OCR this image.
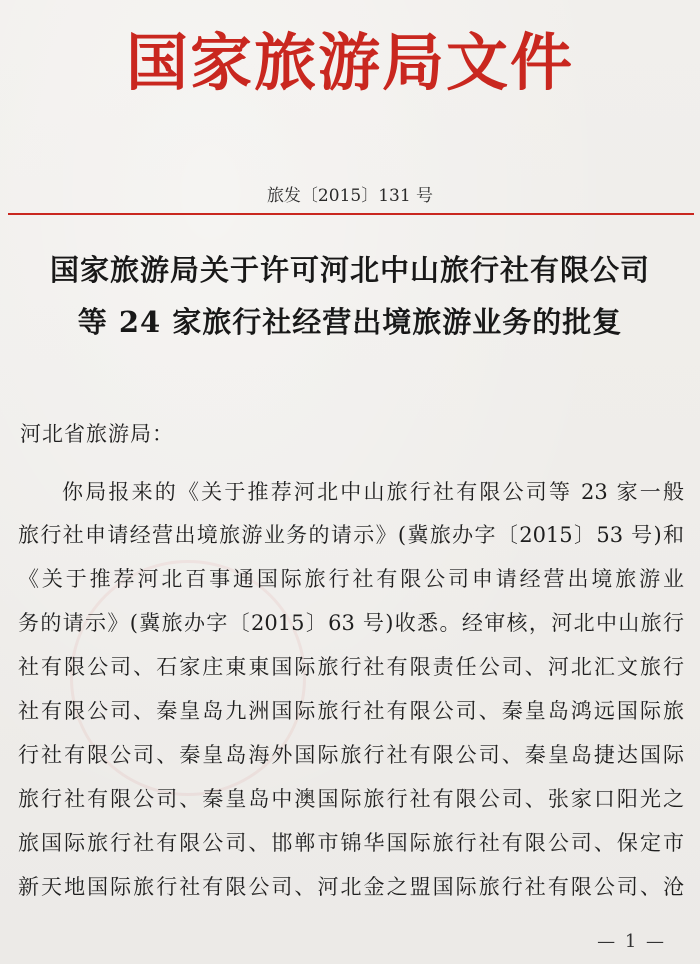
国家旅游局文件
旅发〔2015〕131 号
国家旅游局关于许可河北中山旅行社有限公司
等 24 家旅行社经营出境旅游业务的批复
河北省旅游局：
你局报来的《关于推荐河北中山旅行社有限公司等 23 家一般
旅行社申请经营出境旅游业务的请示》(冀旅办字〔2015〕53 号)和
《关于推荐河北百事通国际旅行社有限公司申请经营出境旅游业
务的请示》(冀旅办字〔2015〕63 号)收悉。经审核，河北中山旅行
社有限公司、石家庄東東国际旅行社有限责任公司、河北汇文旅行
社有限公司、秦皇岛九洲国际旅行社有限公司、秦皇岛鸿远国际旅
行社有限公司、秦皇岛海外国际旅行社有限公司、秦皇岛捷达国际
旅行社有限公司、秦皇岛中澳国际旅行社有限公司、张家口阳光之
旅国际旅行社有限公司、邯郸市锦华国际旅行社有限公司、保定市
新天地国际旅行社有限公司、河北金之盟国际旅行社有限公司、沧
— 1 —
